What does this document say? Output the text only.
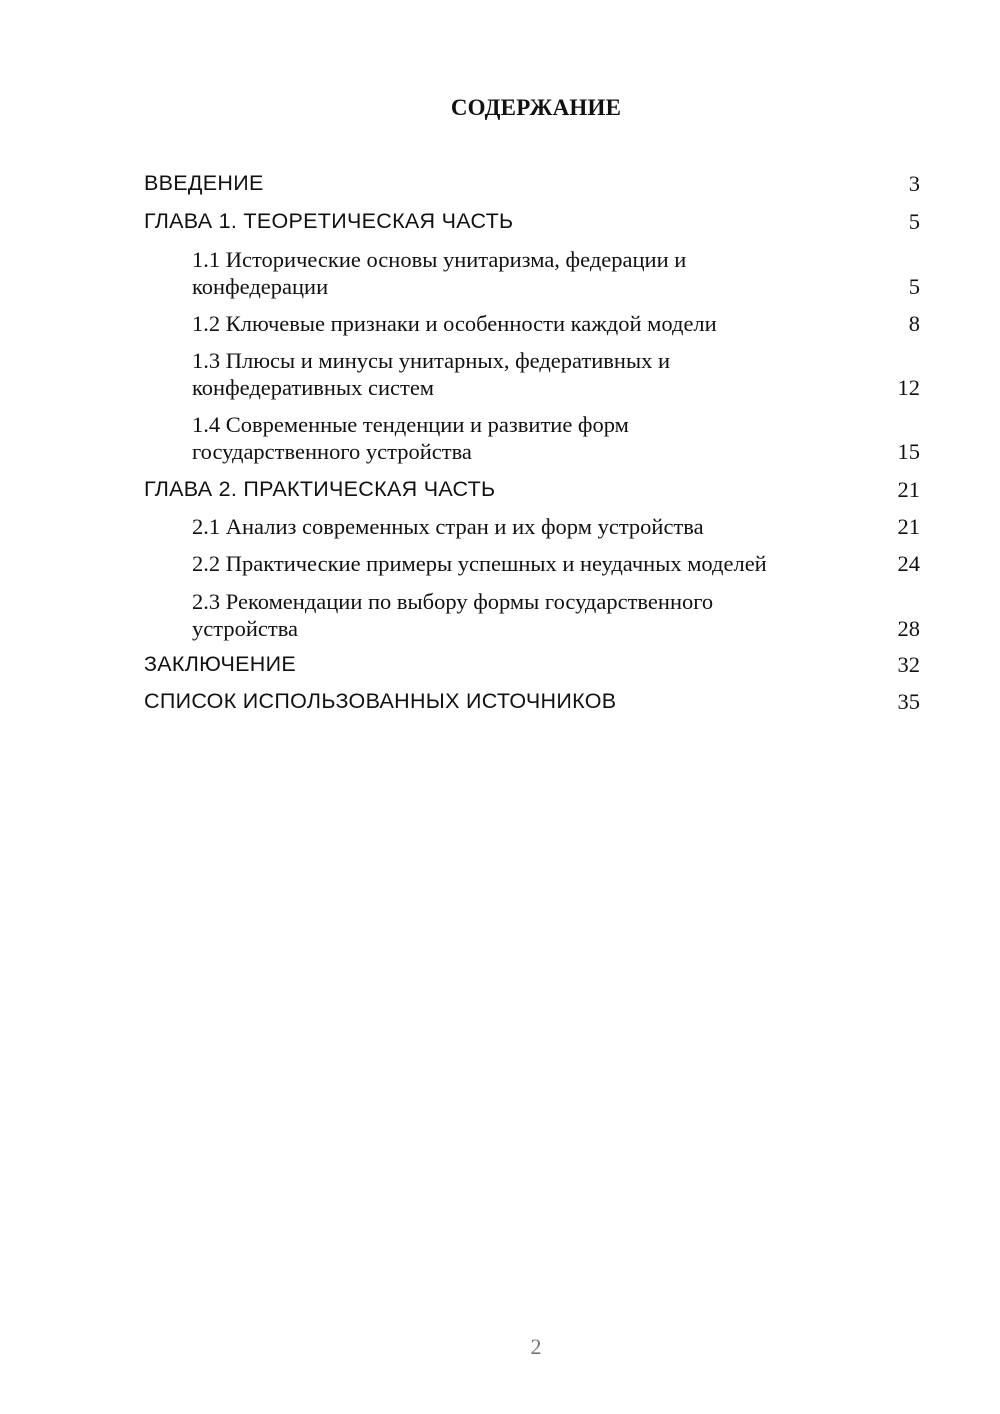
СОДЕРЖАНИЕ
ВВЕДЕНИЕ	3
ГЛАВА 1. ТЕОРЕТИЧЕСКАЯ ЧАСТЬ	5
1.1 Исторические основы унитаризма, федерации и конфедерации	5
1.2 Ключевые признаки и особенности каждой модели	8
1.3 Плюсы и минусы унитарных, федеративных и конфедеративных систем	12
1.4 Современные тенденции и развитие форм государственного устройства	15
ГЛАВА 2. ПРАКТИЧЕСКАЯ ЧАСТЬ	21
2.1 Анализ современных стран и их форм устройства	21
2.2 Практические примеры успешных и неудачных моделей	24
2.3 Рекомендации по выбору формы государственного устройства	28
ЗАКЛЮЧЕНИЕ	32
СПИСОК ИСПОЛЬЗОВАННЫХ ИСТОЧНИКОВ	35
2
